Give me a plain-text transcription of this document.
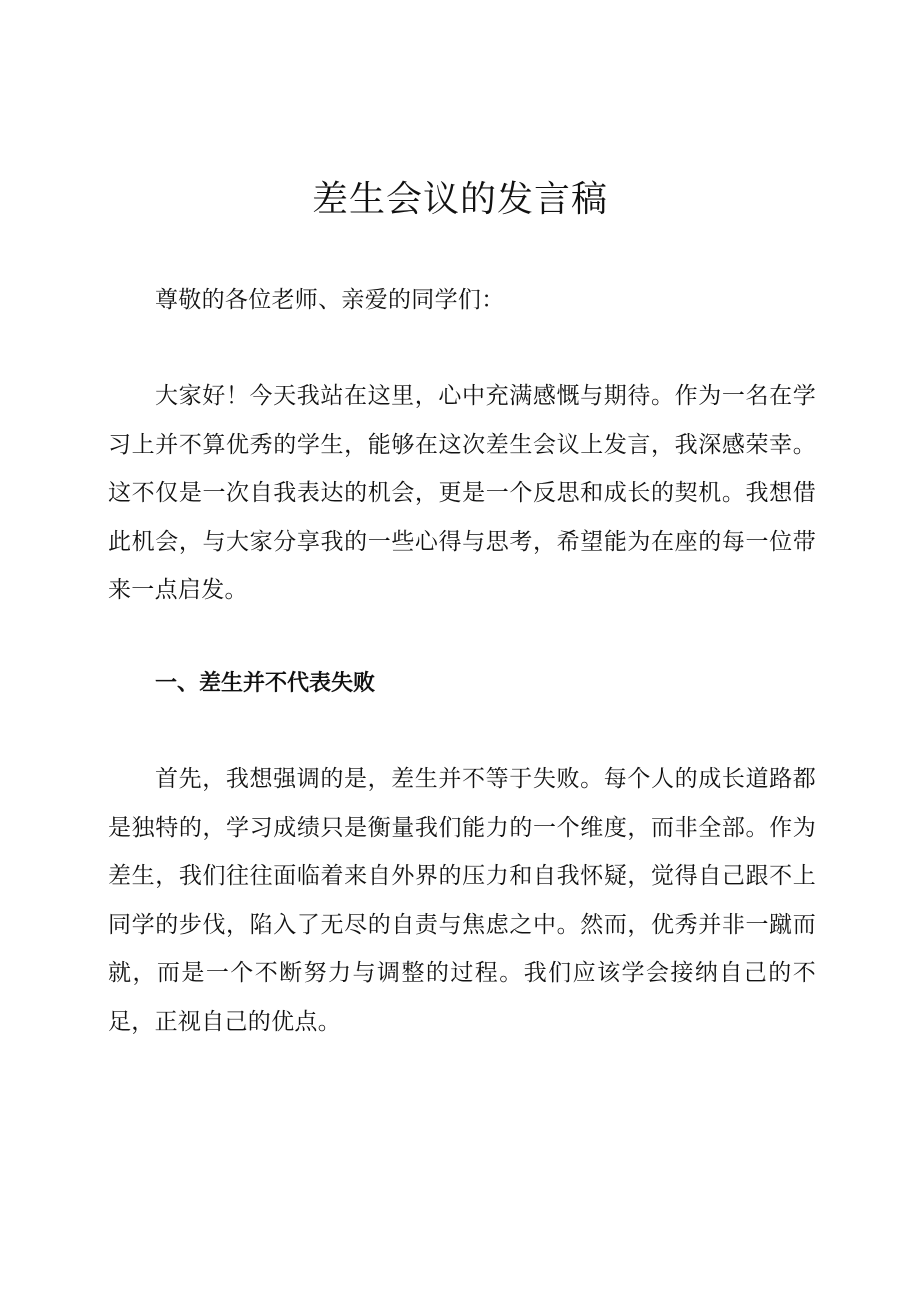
差生会议的发言稿

尊敬的各位老师、亲爱的同学们：

大家好！今天我站在这里，心中充满感慨与期待。作为一名在学习上并不算优秀的学生，能够在这次差生会议上发言，我深感荣幸。这不仅是一次自我表达的机会，更是一个反思和成长的契机。我想借此机会，与大家分享我的一些心得与思考，希望能为在座的每一位带来一点启发。

一、差生并不代表失败

首先，我想强调的是，差生并不等于失败。每个人的成长道路都是独特的，学习成绩只是衡量我们能力的一个维度，而非全部。作为差生，我们往往面临着来自外界的压力和自我怀疑，觉得自己跟不上同学的步伐，陷入了无尽的自责与焦虑之中。然而，优秀并非一蹴而就，而是一个不断努力与调整的过程。我们应该学会接纳自己的不足，正视自己的优点。
